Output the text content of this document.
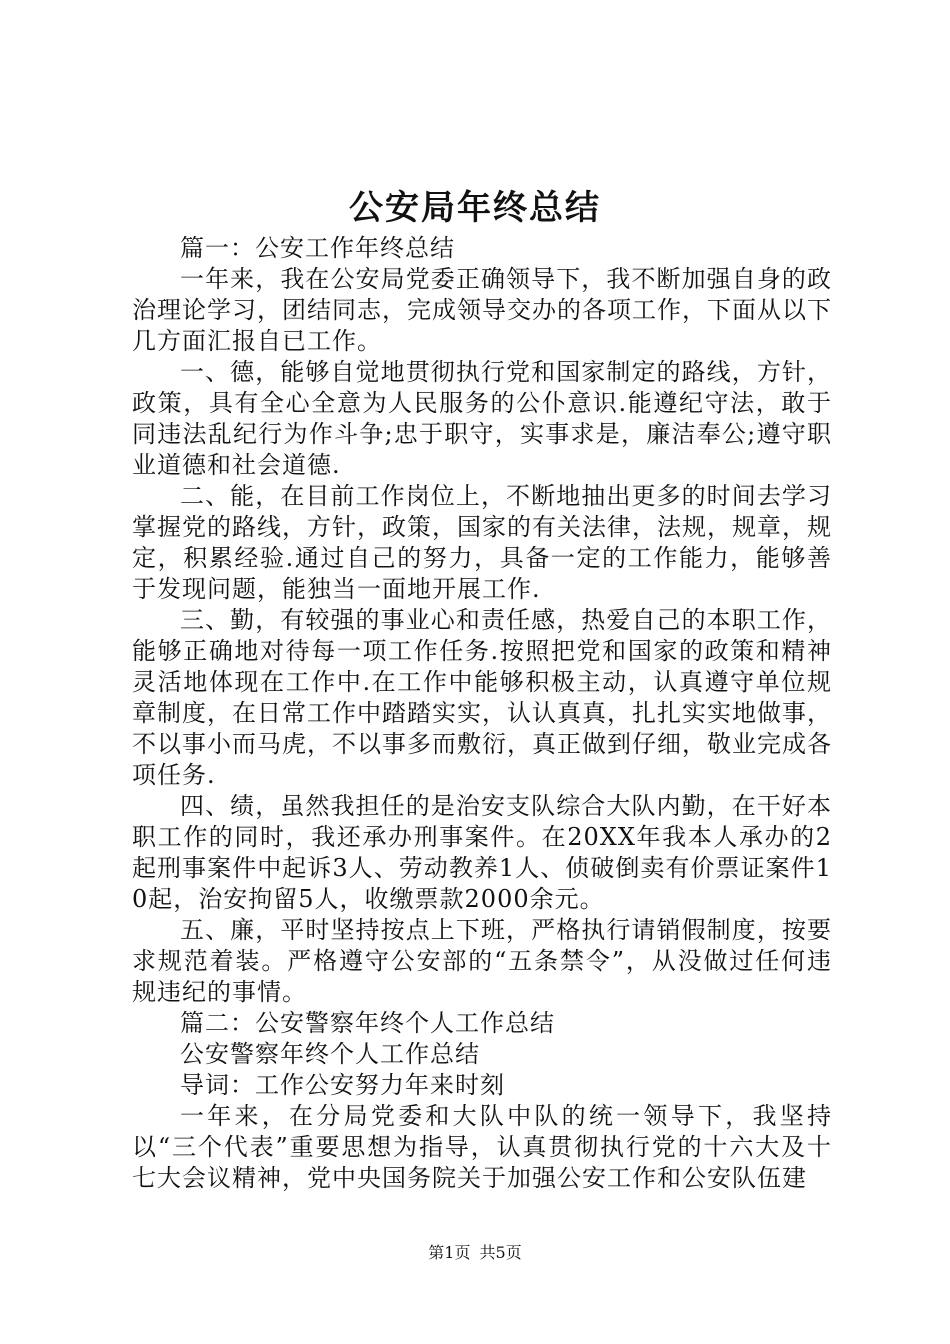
公安局年终总结

篇一：公安工作年终总结

一年来，我在公安局党委正确领导下，我不断加强自身的政治理论学习，团结同志，完成领导交办的各项工作，下面从以下几方面汇报自已工作。

一、德，能够自觉地贯彻执行党和国家制定的路线，方针，政策，具有全心全意为人民服务的公仆意识.能遵纪守法，敢于同违法乱纪行为作斗争;忠于职守，实事求是，廉洁奉公;遵守职业道德和社会道德.

二、能，在目前工作岗位上，不断地抽出更多的时间去学习掌握党的路线，方针，政策，国家的有关法律，法规，规章，规定，积累经验.通过自己的努力，具备一定的工作能力，能够善于发现问题，能独当一面地开展工作.

三、勤，有较强的事业心和责任感，热爱自己的本职工作，能够正确地对待每一项工作任务.按照把党和国家的政策和精神灵活地体现在工作中.在工作中能够积极主动，认真遵守单位规章制度，在日常工作中踏踏实实，认认真真，扎扎实实地做事，不以事小而马虎，不以事多而敷衍，真正做到仔细，敬业完成各项任务.

四、绩，虽然我担任的是治安支队综合大队内勤，在干好本职工作的同时，我还承办刑事案件。在20XX年我本人承办的2起刑事案件中起诉3人、劳动教养1人、侦破倒卖有价票证案件10起，治安拘留5人，收缴票款2000余元。

五、廉，平时坚持按点上下班，严格执行请销假制度，按要求规范着装。严格遵守公安部的“五条禁令”，从没做过任何违规违纪的事情。

篇二：公安警察年终个人工作总结

公安警察年终个人工作总结

导词：工作公安努力年来时刻

一年来，在分局党委和大队中队的统一领导下，我坚持以“三个代表”重要思想为指导，认真贯彻执行党的十六大及十七大会议精神，党中央国务院关于加强公安工作和公安队伍建

第1页 共5页
